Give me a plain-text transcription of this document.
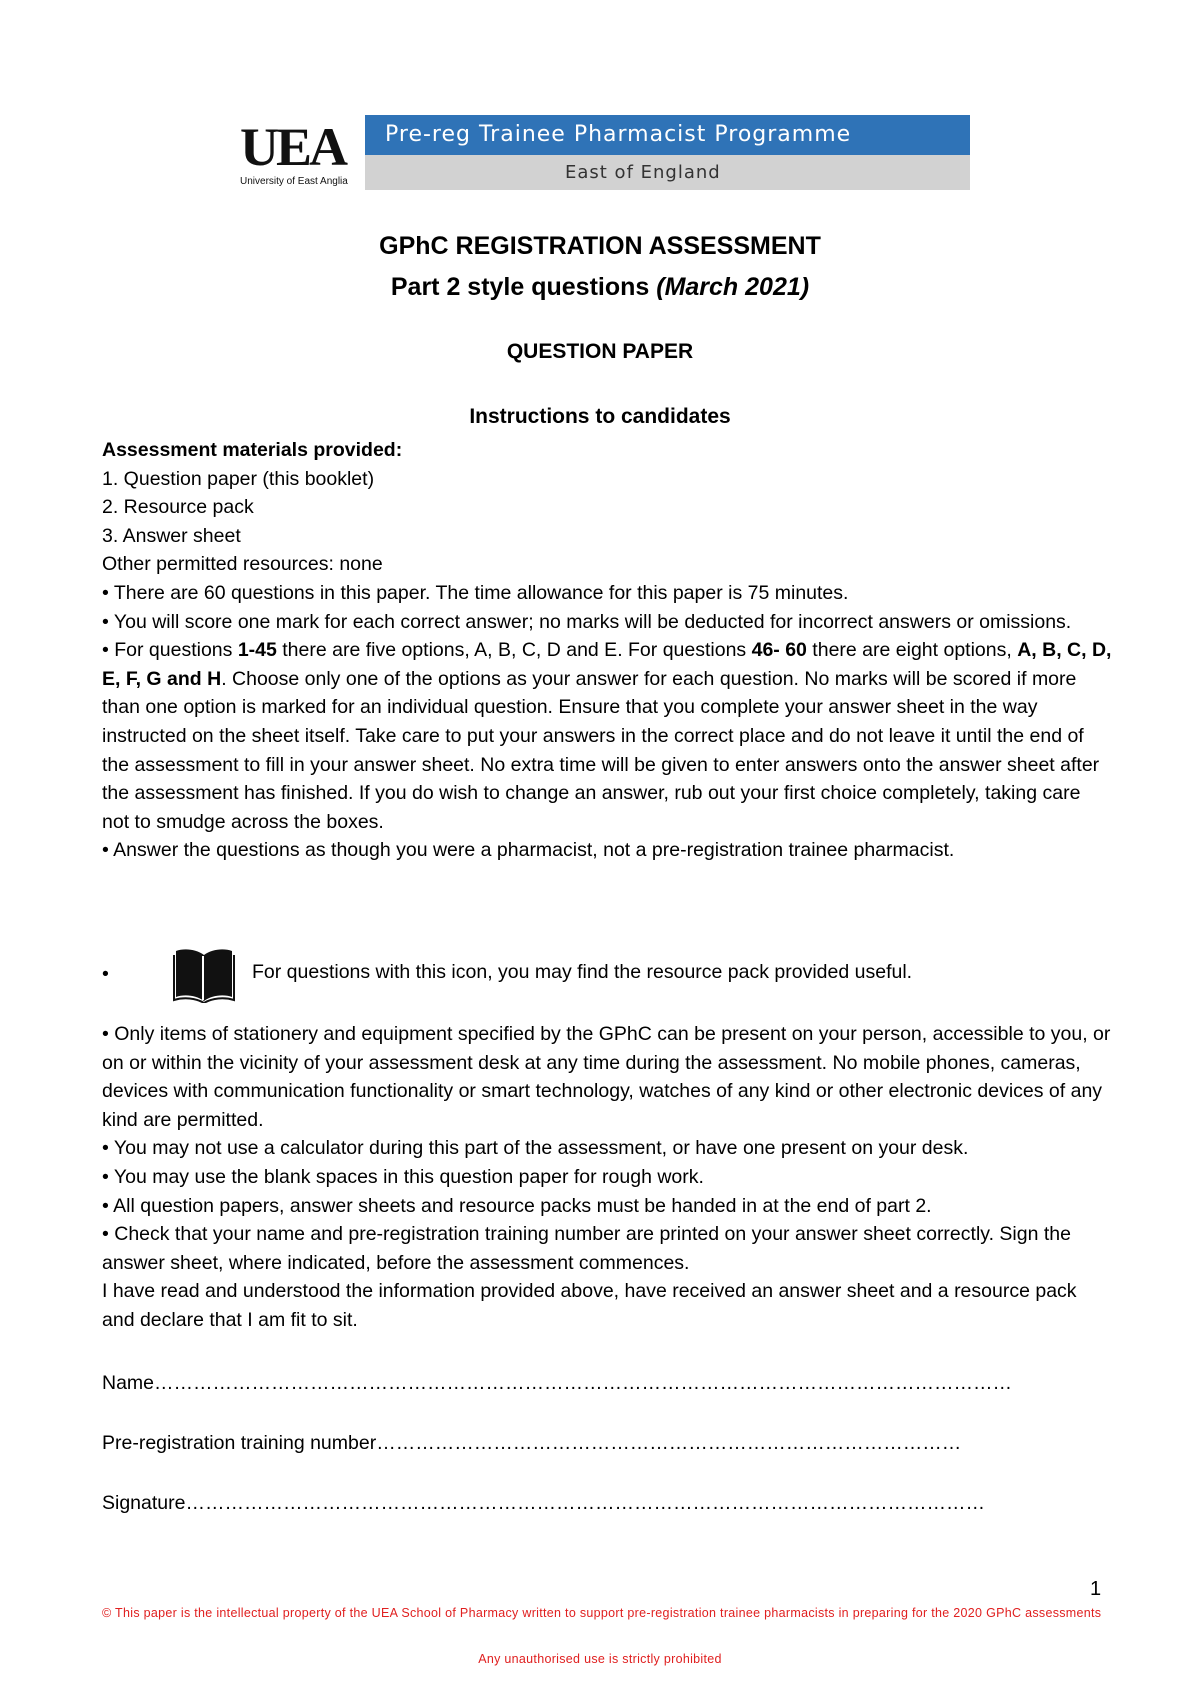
UEA
University of East Anglia
Pre-reg Trainee Pharmacist Programme
East of England
GPhC REGISTRATION ASSESSMENT
Part 2 style questions (March 2021)
QUESTION PAPER
Instructions to candidates

Assessment materials provided:

1. Question paper (this booklet)

2. Resource pack

3. Answer sheet

Other permitted resources: none

• There are 60 questions in this paper. The time allowance for this paper is 75 minutes.

• You will score one mark for each correct answer; no marks will be deducted for incorrect answers or omissions.

• For questions 1-45 there are five options, A, B, C, D and E. For questions 46- 60 there are eight options, A, B, C, D, E, F, G and H. Choose only one of the options as your answer for each question. No marks will be scored if more than one option is marked for an individual question. Ensure that you complete your answer sheet in the way instructed on the sheet itself. Take care to put your answers in the correct place and do not leave it until the end of the assessment to fill in your answer sheet. No extra time will be given to enter answers onto the answer sheet after the assessment has finished. If you do wish to change an answer, rub out your first choice completely, taking care not to smudge across the boxes.

• Answer the questions as though you were a pharmacist, not a pre-registration trainee pharmacist.

•	For questions with this icon, you may find the resource pack provided useful.

• Only items of stationery and equipment specified by the GPhC can be present on your person, accessible to you, or on or within the vicinity of your assessment desk at any time during the assessment. No mobile phones, cameras, devices with communication functionality or smart technology, watches of any kind or other electronic devices of any kind are permitted.

• You may not use a calculator during this part of the assessment, or have one present on your desk.

• You may use the blank spaces in this question paper for rough work.

• All question papers, answer sheets and resource packs must be handed in at the end of part 2.

• Check that your name and pre-registration training number are printed on your answer sheet correctly. Sign the answer sheet, where indicated, before the assessment commences.

I have read and understood the information provided above, have received an answer sheet and a resource pack and declare that I am fit to sit.

Name……………………………………………………………………………………………………………………
Pre-registration training number………………………………………………………………………………
Signature……………………………………………………………………………………………………………
1
© This paper is the intellectual property of the UEA School of Pharmacy written to support pre-registration trainee pharmacists in preparing for the 2020 GPhC assessments
Any unauthorised use is strictly prohibited
